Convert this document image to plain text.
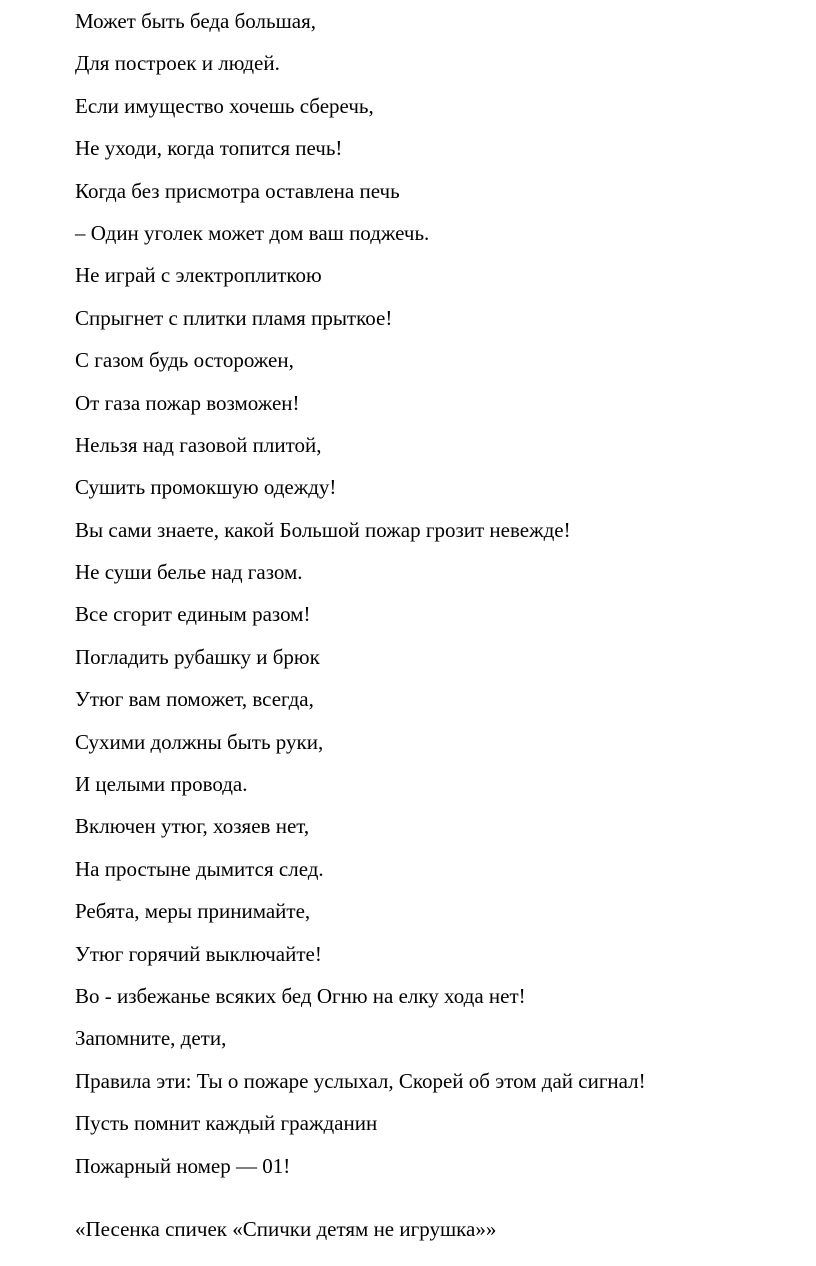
Может быть беда большая,
Для построек и людей.
Если имущество хочешь сберечь,
Не уходи, когда топится печь!
Когда без присмотра оставлена печь
– Один уголек может дом ваш поджечь.
Не играй с электроплиткою
Спрыгнет с плитки пламя прыткое!
С газом будь осторожен,
От газа пожар возможен!
Нельзя над газовой плитой,
Сушить промокшую одежду!
Вы сами знаете, какой Большой пожар грозит невежде!
Не суши белье над газом.
Все сгорит единым разом!
Погладить рубашку и брюк
Утюг вам поможет, всегда,
Сухими должны быть руки,
И целыми провода.
Включен утюг, хозяев нет,
На простыне дымится след.
Ребята, меры принимайте,
Утюг горячий выключайте!
Во - избежанье всяких бед Огню на елку хода нет!
Запомните, дети,
Правила эти: Ты о пожаре услыхал, Скорей об этом дай сигнал!
Пусть помнит каждый гражданин
Пожарный номер — 01!
«Песенка спичек «Спички детям не игрушка»»
